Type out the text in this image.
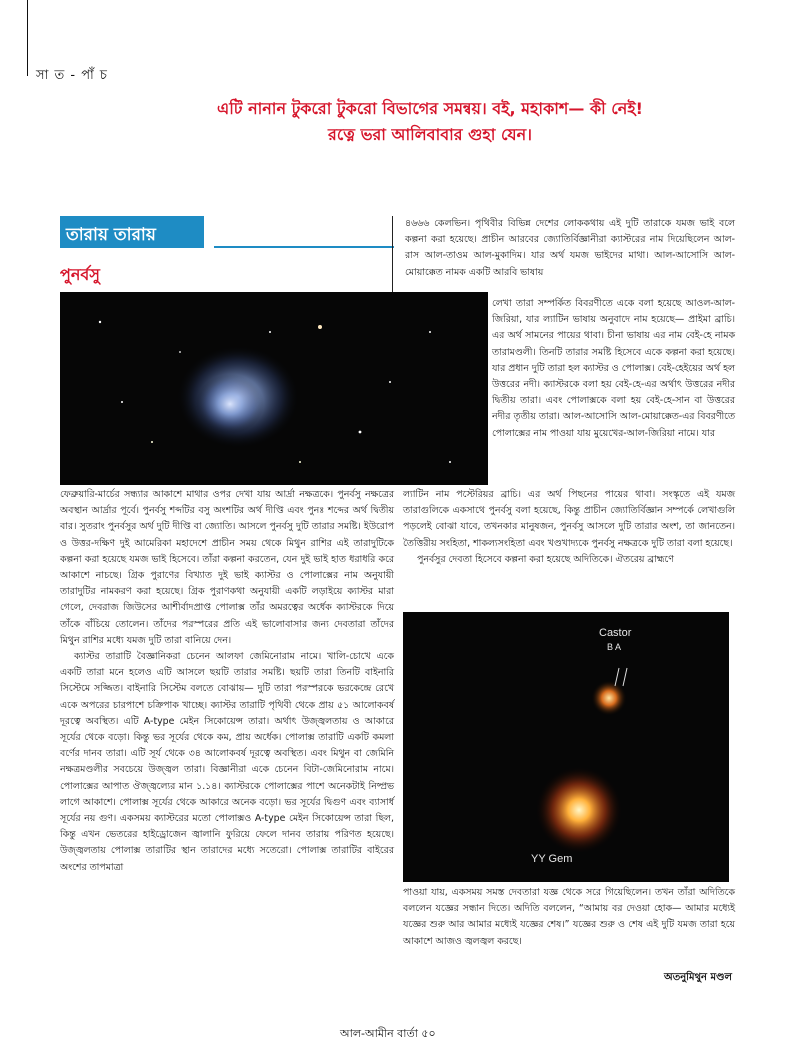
সা ত - পাঁ চ
এটি নানান টুকরো টুকরো বিভাগের সমন্বয়। বই, মহাকাশ— কী নেই!
রত্নে ভরা আলিবাবার গুহা যেন।
তারায় তারায়
পুনর্বসু
৪৬৬৬ কেলভিন। পৃথিবীর বিভিন্ন দেশের লোককথায় এই দুটি তারাকে যমজ ভাই বলে কল্পনা করা হয়েছে। প্রাচীন আরবের জ্যোতির্বিজ্ঞানীরা ক্যাস্টরের নাম দিয়েছিলেন আল-রাস আল-তাওম আল-মুকাদিম। যার অর্থ যমজ ভাইদের মাথা। আল-আসোসি আল-মোয়াক্কেত নামক একটি আরবি ভাষায়
লেখা তারা সম্পর্কিত বিবরণীতে একে বলা হয়েছে আওল-আল-জিরিয়া, যার ল্যাটিন ভাষায় অনুবাদে নাম হয়েছে— প্রাইমা ব্রাচি। এর অর্থ সামনের পায়ের থাবা। চীনা ভাষায় এর নাম বেই-হে নামক তারামণ্ডলী। তিনটি তারার সমষ্টি হিসেবে একে কল্পনা করা হয়েছে। যার প্রধান দুটি তারা হল ক্যাস্টর ও পোলাক্স। বেই-হেইয়ের অর্থ হল উত্তরের নদী। ক্যাস্টরকে বলা হয় বেই-হে-এর অর্থাৎ উত্তরের নদীর দ্বিতীয় তারা। এবং পোলাক্সকে বলা হয় বেই-হে-সান বা উত্তরের নদীর তৃতীয় তারা। আল-আসোসি আল-মোয়াক্কেত-এর বিবরণীতে পোলাক্সের নাম পাওয়া যায় মুয়েখের-আল-জিরিয়া নামে। যার
ফেব্রুয়ারি-মার্চের সন্ধ্যার আকাশে মাথার ওপর দেখা যায় আর্দ্রা নক্ষত্রকে। পুনর্বসু নক্ষত্রের অবস্থান আর্দ্রার পূর্বে। পুনর্বসু শব্দটির বসু অংশটির অর্থ দীপ্তি এবং পুনঃ শব্দের অর্থ দ্বিতীয় বার। সুতরাং পুনর্বসুর অর্থ দুটি দীপ্তি বা জ্যোতি। আসলে পুনর্বসু দুটি তারার সমষ্টি। ইউরোপ ও উত্তর-দক্ষিণ দুই আমেরিকা মহাদেশে প্রাচীন সময় থেকে মিথুন রাশির এই তারাদুটিকে কল্পনা করা হয়েছে যমজ ভাই হিসেবে। তাঁরা কল্পনা করতেন, যেন দুই ভাই হাত ধরাধরি করে আকাশে নাচছে। গ্রিক পুরাণের বিখ্যাত দুই ভাই ক্যাস্টর ও পোলাক্সের নাম অনুযায়ী তারাদুটির নামকরণ করা হয়েছে। গ্রিক পুরাণকথা অনুযায়ী একটি লড়াইয়ে ক্যাস্টর মারা গেলে, দেবরাজ জিউসের আশীর্বাদপ্রাপ্ত পোলাক্স তাঁর অমরত্বের অর্ধেক ক্যাস্টরকে দিয়ে তাঁকে বাঁচিয়ে তোলেন। তাঁদের পরস্পরের প্রতি এই ভালোবাসার জন্য দেবতারা তাঁদের মিথুন রাশির মধ্যে যমজ দুটি তারা বানিয়ে দেন।
ক্যাস্টর তারাটি বৈজ্ঞানিকরা চেনেন আলফা জেমিনোরাম নামে। খালি-চোখে একে একটি তারা মনে হলেও এটি আসলে ছয়টি তারার সমষ্টি। ছয়টি তারা তিনটি বাইনারি সিস্টেমে সজ্জিত। বাইনারি সিস্টেম বলতে বোঝায়— দুটি তারা পরস্পরকে ভরকেন্দ্রে রেখে একে অপরের চারপাশে চক্রিপাক খাচ্ছে। ক্যাস্টর তারাটি পৃথিবী থেকে প্রায় ৫১ আলোকবর্ষ দূরত্বে অবস্থিত। এটি A-type মেইন সিকোয়েন্স তারা। অর্থাৎ উজ্জ্বলতায় ও আকারে সূর্যের থেকে বড়ো। কিন্তু ভর সূর্যের থেকে কম, প্রায় অর্ধেক। পোলাক্স তারাটি একটি কমলা বর্ণের দানব তারা। এটি সূর্য থেকে ৩৪ আলোকবর্ষ দূরত্বে অবস্থিত। এবং মিথুন বা জেমিনি নক্ষত্রমণ্ডলীর সবচেয়ে উজ্জ্বল তারা। বিজ্ঞানীরা একে চেনেন বিটা-জেমিনোরাম নামে। পোলাক্সের আপাত ঔজ্জ্বল্যের মান ১.১৪। ক্যাস্টরকে পোলাক্সের পাশে অনেকটাই নিষ্প্রভ লাগে আকাশে। পোলাক্স সূর্যের থেকে আকারে অনেক বড়ো। ভর সূর্যের দ্বিগুণ এবং ব্যাসার্ধ সূর্যের নয় গুণ। একসময় ক্যাস্টরের মতো পোলাক্সও A-type মেইন সিকোয়েন্স তারা ছিল, কিন্তু এখন ভেতরের হাইড্রোজেন জ্বালানি ফুরিয়ে ফেলে দানব তারায় পরিণত হয়েছে। উজ্জ্বলতায় পোলাক্স তারাটির স্থান তারাদের মধ্যে সতেরো। পোলাক্স তারাটির বাইরের অংশের তাপমাত্রা
ল্যাটিন নাম পস্টেরিয়র ব্রাচি। এর অর্থ পিছনের পায়ের থাবা। সংস্কৃতে এই যমজ তারাগুলিকে একসাথে পুনর্বসু বলা হয়েছে, কিন্তু প্রাচীন জ্যোতির্বিজ্ঞান সম্পর্কে লেখাগুলি পড়লেই বোঝা যাবে, তখনকার মানুষজন, পুনর্বসু আসলে দুটি তারার অংশ, তা জানতেন। তৈত্তিরীয় সংহিতা, শাকল্যসংহিতা এবং খণ্ডখাদ্যকে পুনর্বসু নক্ষত্রকে দুটি তারা বলা হয়েছে।
পুনর্বসুর দেবতা হিসেবে কল্পনা করা হয়েছে অদিতিকে। ঐতরেয় ব্রাহ্মণে
Castor
B A
YY Gem
পাওয়া যায়, একসময় সমস্ত দেবতারা যজ্ঞ থেকে সরে গিয়েছিলেন। তখন তাঁরা অদিতিকে বললেন যজ্ঞের সন্ধান দিতে। অদিতি বললেন, “আমায় বর দেওয়া হোক— আমার মধ্যেই যজ্ঞের শুরু আর আমার মধ্যেই যজ্ঞের শেষ।” যজ্ঞের শুরু ও শেষ এই দুটি যমজ তারা হয়ে আকাশে আজও জ্বলজ্বল করছে।
অতনুমিথুন মণ্ডল
আল-আমীন বার্তা ৫০
